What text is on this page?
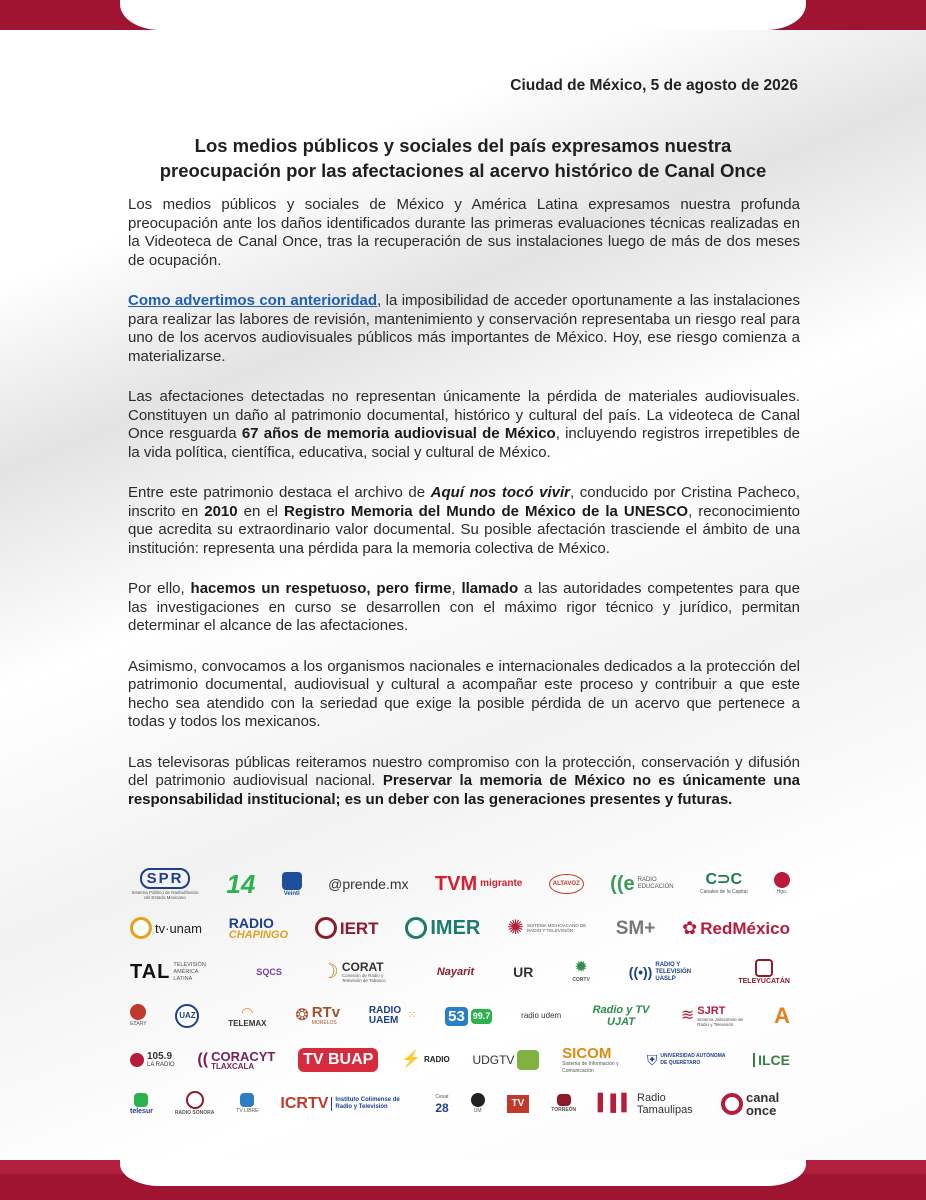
Ciudad de México, 5 de agosto de 2026
Los medios públicos y sociales del país expresamos nuestra
preocupación por las afectaciones al acervo histórico de Canal Once

Los medios públicos y sociales de México y América Latina expresamos nuestra profunda preocupación ante los daños identificados durante las primeras evaluaciones técnicas realizadas en la Videoteca de Canal Once, tras la recuperación de sus instalaciones luego de más de dos meses de ocupación.

Como advertimos con anterioridad, la imposibilidad de acceder oportunamente a las instalaciones para realizar las labores de revisión, mantenimiento y conservación representaba un riesgo real para uno de los acervos audiovisuales públicos más importantes de México. Hoy, ese riesgo comienza a materializarse.

Las afectaciones detectadas no representan únicamente la pérdida de materiales audiovisuales. Constituyen un daño al patrimonio documental, histórico y cultural del país. La videoteca de Canal Once resguarda 67 años de memoria audiovisual de México, incluyendo registros irrepetibles de la vida política, científica, educativa, social y cultural de México.

Entre este patrimonio destaca el archivo de Aquí nos tocó vivir, conducido por Cristina Pacheco, inscrito en 2010 en el Registro Memoria del Mundo de México de la UNESCO, reconocimiento que acredita su extraordinario valor documental. Su posible afectación trasciende el ámbito de una institución: representa una pérdida para la memoria colectiva de México.

Por ello, hacemos un respetuoso, pero firme, llamado a las autoridades competentes para que las investigaciones en curso se desarrollen con el máximo rigor técnico y jurídico, permitan determinar el alcance de las afectaciones.

Asimismo, convocamos a los organismos nacionales e internacionales dedicados a la protección del patrimonio documental, audiovisual y cultural a acompañar este proceso y contribuir a que este hecho sea atendido con la seriedad que exige la posible pérdida de un acervo que pertenece a todas y todos los mexicanos.

Las televisoras públicas reiteramos nuestro compromiso con la protección, conservación y difusión del patrimonio audiovisual nacional. Preservar la memoria de México no es únicamente una responsabilidad institucional; es un deber con las generaciones presentes y futuras.

SPR
Sistema Público de Radiodifusión del Estado Mexicano	14	Veinti
@prende.mx TVM migrante	ALTAVOZ ((e RADIO EDUCACIÓN C⊃C
Canales de la Capital	Hgo.
tv·unam RADIO
CHAPINGO	IERT	IMER ✺ SISTEMA MICHOACANO DE RADIO Y TELEVISIÓN	SM+ ✿ RedMéxico
TAL TELEVISIÓN AMÉRICA LATINA
SQCS ☽ CORAT
Comisión de Radio y Televisión de Tabasco
Nayarit	UR	✹
CORTV	((•)) RADIO Y TELEVISIÓN UASLP	TELEYUCATÁN
EZARY
UAZ	◠
TELEMAX ❂ RTv
MORELOS
RADIO UAEM ⁙ 53 99.7	radio udem	Radio y TV UJAT	≋ SJRT
Sistema Jalisciense de Radio y Televisión	A
105.9
LA RADIO (( CORACYT
TLAXCALA	TV BUAP	⚡ RADIO UDGTV	SICOM
Sistema de Información y Comunicación
⛨ UNIVERSIDAD AUTÓNOMA DE QUERÉTARO	ILCE
telesur	RADIO SONORA	TV LIBRE ICRTV	Instituto Colimense de Radio y Televisión
Cesat
28	UM
TV
TORREÓN ▍▌▍ Radio Tamaulipas
canal once
